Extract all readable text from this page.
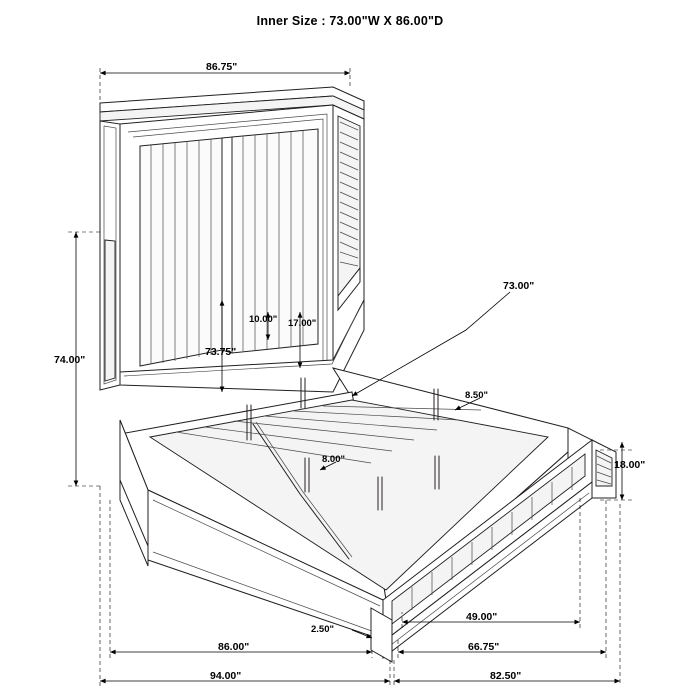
Inner Size : 73.00"W X 86.00"D
86.75"
74.00"
73.75"
10.00" 17.00"
73.00"
8.50"
8.00"	18.00"
2.50"
49.00"
86.00"	66.75"
94.00"	82.50"
